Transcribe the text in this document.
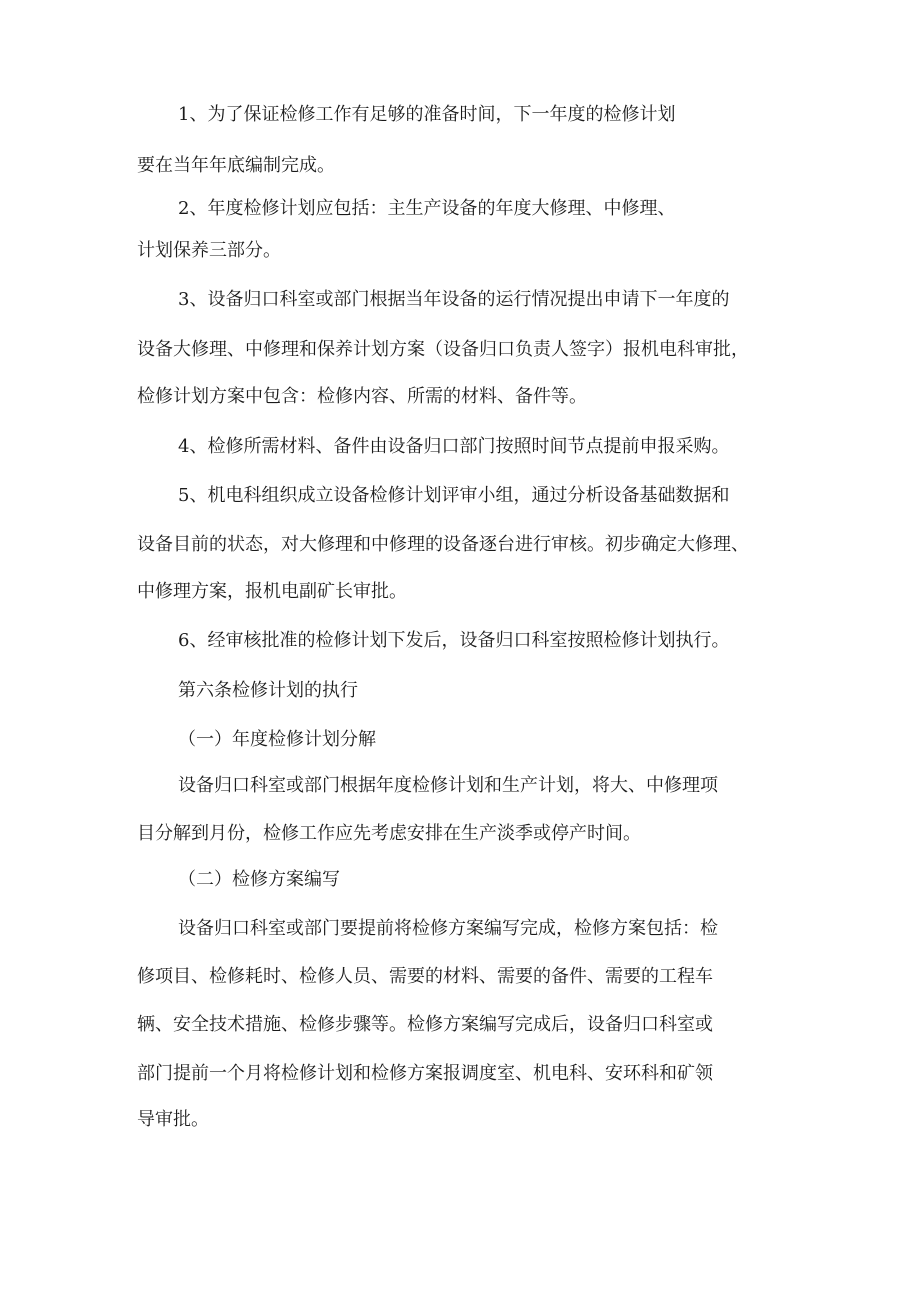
1、为了保证检修工作有足够的准备时间，下一年度的检修计划

要在当年年底编制完成。

2、年度检修计划应包括：主生产设备的年度大修理、中修理、

计划保养三部分。

3、设备归口科室或部门根据当年设备的运行情况提出申请下一年度的

设备大修理、中修理和保养计划方案（设备归口负责人签字）报机电科审批，

检修计划方案中包含：检修内容、所需的材料、备件等。

4、检修所需材料、备件由设备归口部门按照时间节点提前申报采购。

5、机电科组织成立设备检修计划评审小组，通过分析设备基础数据和

设备目前的状态，对大修理和中修理的设备逐台进行审核。初步确定大修理、

中修理方案，报机电副矿长审批。

6、经审核批准的检修计划下发后，设备归口科室按照检修计划执行。

第六条检修计划的执行

（一）年度检修计划分解

设备归口科室或部门根据年度检修计划和生产计划，将大、中修理项

目分解到月份，检修工作应先考虑安排在生产淡季或停产时间。

（二）检修方案编写

设备归口科室或部门要提前将检修方案编写完成，检修方案包括：检

修项目、检修耗时、检修人员、需要的材料、需要的备件、需要的工程车

辆、安全技术措施、检修步骤等。检修方案编写完成后，设备归口科室或

部门提前一个月将检修计划和检修方案报调度室、机电科、安环科和矿领

导审批。
